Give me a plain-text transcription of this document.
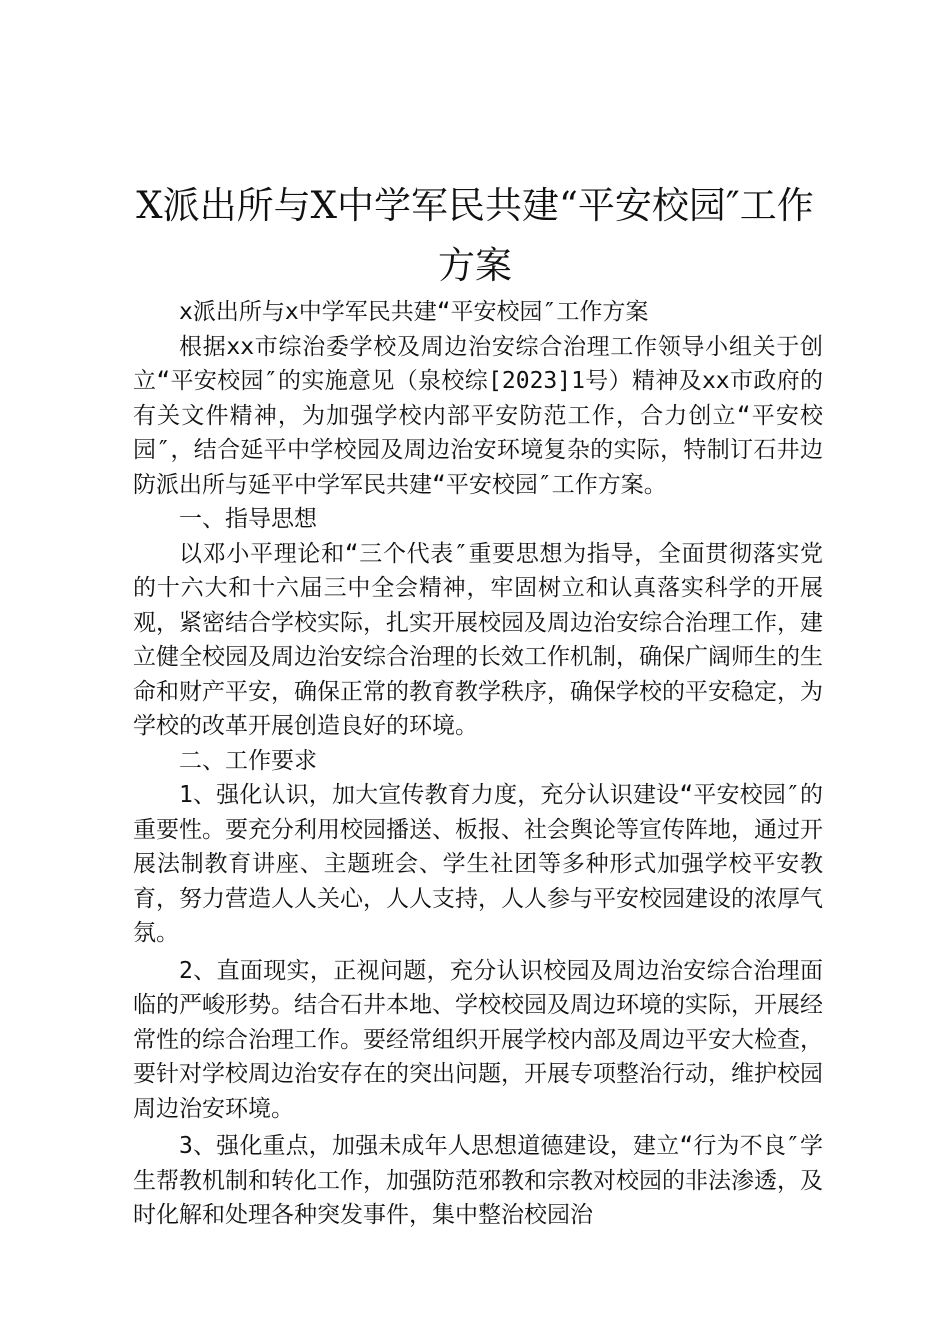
X派出所与X中学军民共建“平安校园″工作
方案

x派出所与x中学军民共建“平安校园″工作方案

根据xx市综治委学校及周边治安综合治理工作领导小组关于创立“平安校园″的实施意见（泉校综[2023]1号）精神及xx市政府的有关文件精神，为加强学校内部平安防范工作，合力创立“平安校园″，结合延平中学校园及周边治安环境复杂的实际，特制订石井边防派出所与延平中学军民共建“平安校园″工作方案。

一、指导思想

以邓小平理论和“三个代表″重要思想为指导，全面贯彻落实党的十六大和十六届三中全会精神，牢固树立和认真落实科学的开展观，紧密结合学校实际，扎实开展校园及周边治安综合治理工作，建立健全校园及周边治安综合治理的长效工作机制，确保广阔师生的生命和财产平安，确保正常的教育教学秩序，确保学校的平安稳定，为学校的改革开展创造良好的环境。

二、工作要求

1、强化认识，加大宣传教育力度，充分认识建设“平安校园″的重要性。要充分利用校园播送、板报、社会舆论等宣传阵地，通过开展法制教育讲座、主题班会、学生社团等多种形式加强学校平安教育，努力营造人人关心，人人支持，人人参与平安校园建设的浓厚气氛。

2、直面现实，正视问题，充分认识校园及周边治安综合治理面临的严峻形势。结合石井本地、学校校园及周边环境的实际，开展经常性的综合治理工作。要经常组织开展学校内部及周边平安大检查，要针对学校周边治安存在的突出问题，开展专项整治行动，维护校园周边治安环境。

3、强化重点，加强未成年人思想道德建设，建立“行为不良″学生帮教机制和转化工作，加强防范邪教和宗教对校园的非法渗透，及时化解和处理各种突发事件，集中整治校园治
